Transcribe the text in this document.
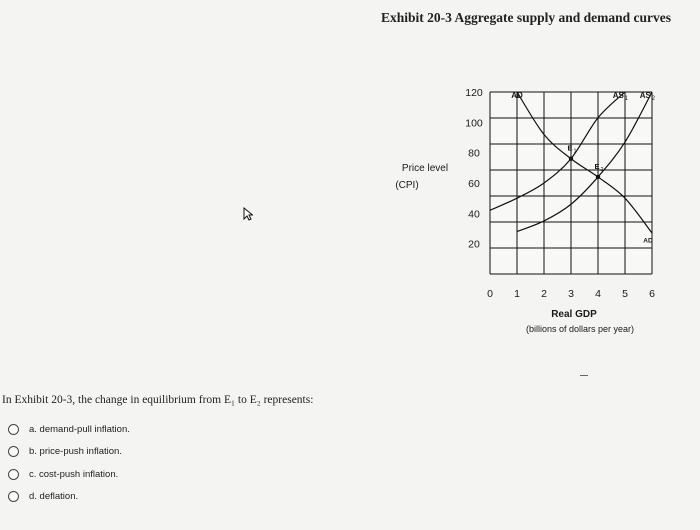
Exhibit 20-3 Aggregate supply and demand curves
0 1 2 3 4 5 6
20
40
60
80
100
120
Price level
(CPI)
Real GDP
(billions of dollars per year)
AD
AD
AS 1 AS 2
E 1
E 2
In Exhibit 20-3, the change in equilibrium from E₁ to E₂ represents:
a. demand-pull inflation.
b. price-push inflation.
c. cost-push inflation.
d. deflation.
